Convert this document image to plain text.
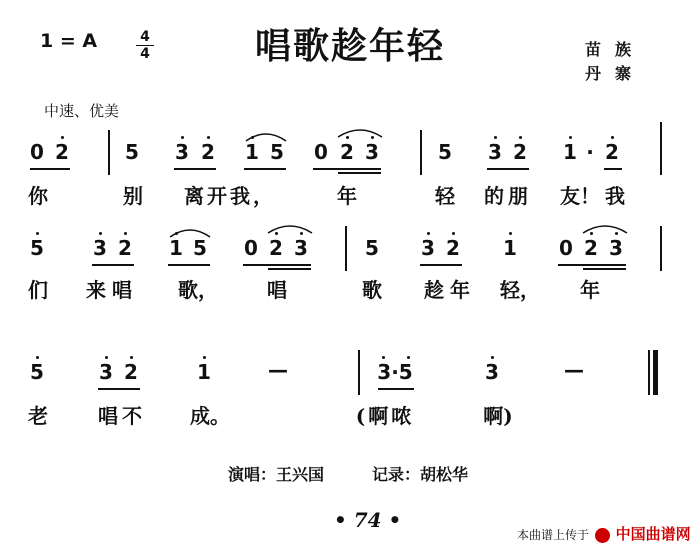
1 = A	4
4	唱歌趁年轻	苗族
丹寨
中速、优美
0 2	5 3 2 1 5 0 2 3	5 3 2 1 · 2
你	别 离开我，	年	轻 的朋 友！ 我
5 3 2 1 5 0 2 3	5 3 2 1 0 2 3
们 来唱 歌， 唱	歌 趁年 轻， 年
5	3 2	1	—	3·5	3	—
老	唱不 成。	(啊哝	啊)
演唱：王兴国	记录：胡松华
• 74 •
本曲谱上传于 中国曲谱网
